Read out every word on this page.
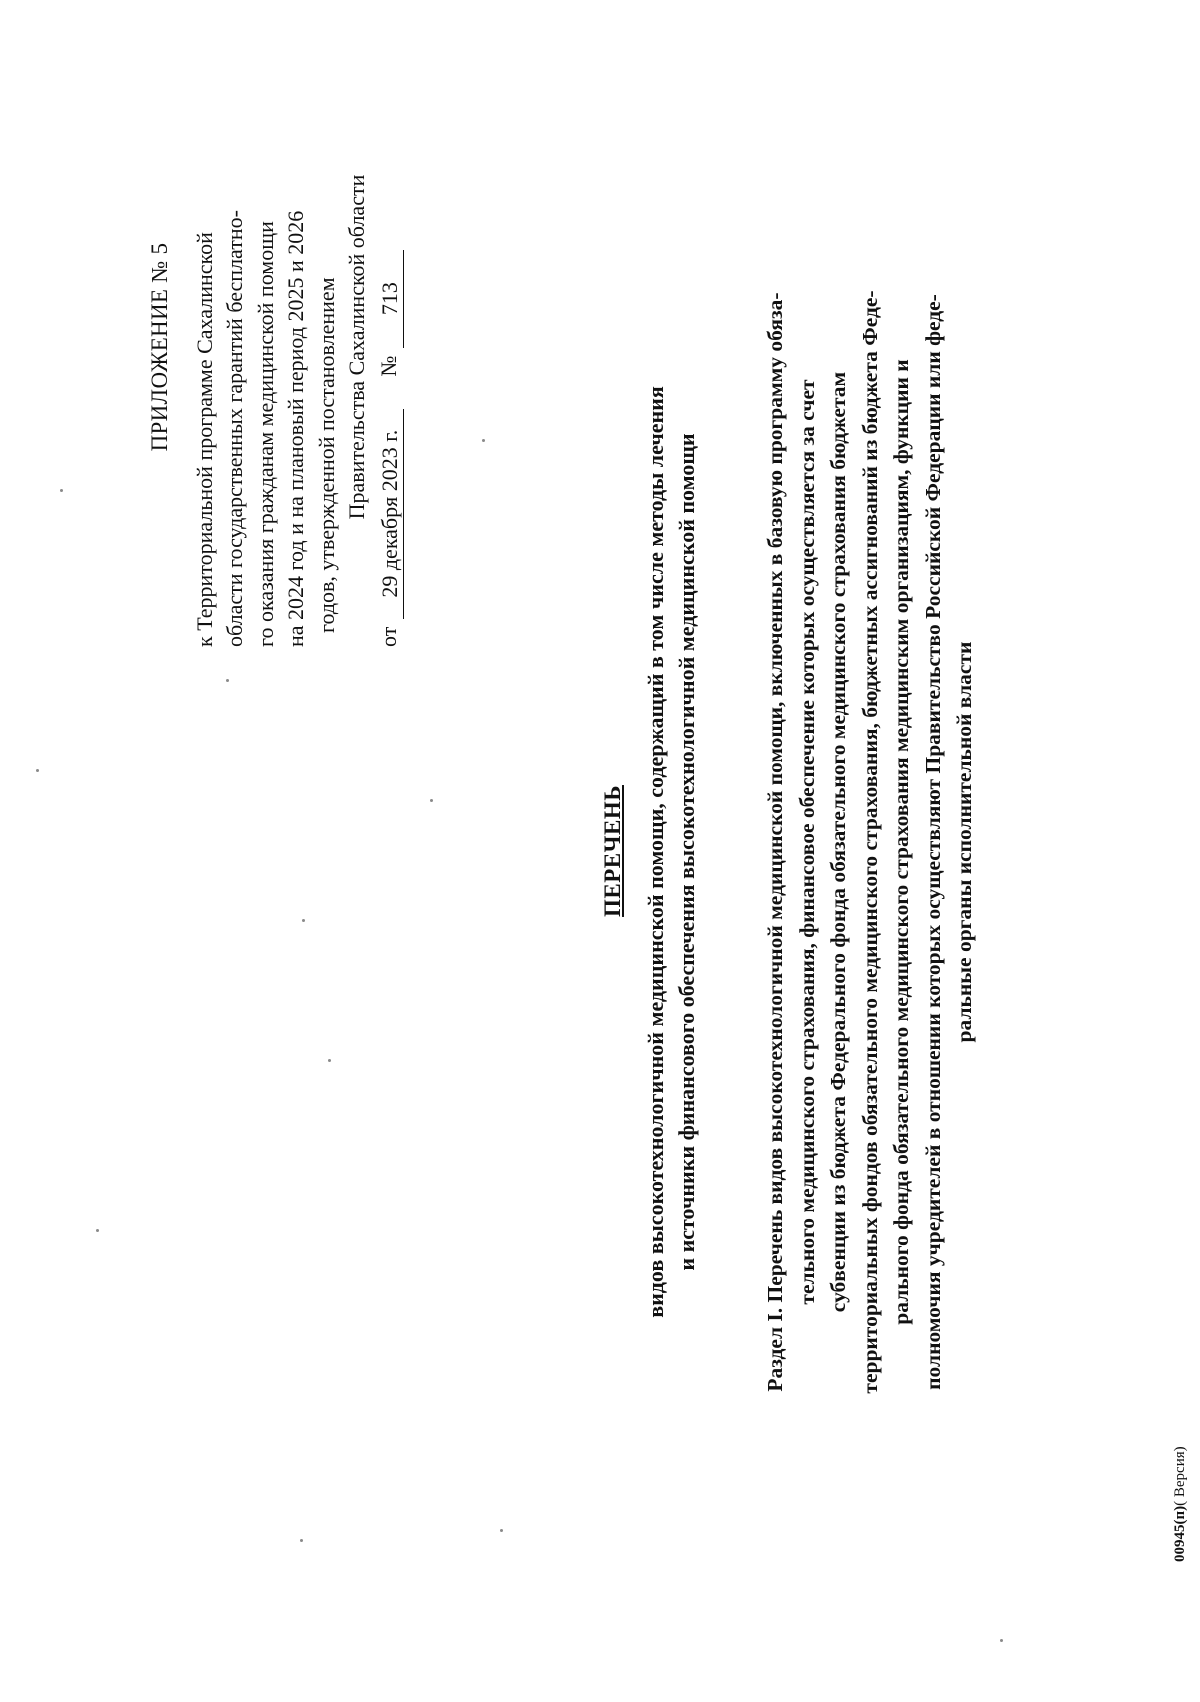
ПРИЛОЖЕНИЕ № 5 к Территориальной программе Сахалинской области государственных гарантий бесплатно- го оказания гражданам медицинской помощи на 2024 год и на плановый период 2025 и 2026 годов, утвержденной постановлением Правительства Сахалинской области
от
29 декабря 2023 г.
№
713
ПЕРЕЧЕНЬ видов высокотехнологичной медицинской помощи, содержащий в том числе методы лечения и источники финансового обеспечения высокотехнологичной медицинской помощи	Раздел I. Перечень видов высокотехнологичной медицинской помощи, включенных в базовую программу обяза- тельного медицинского страхования, финансовое обеспечение которых осуществляется за счет субвенции из бюджета Федерального фонда обязательного медицинского страхования бюджетам территориальных фондов обязательного медицинского страхования, бюджетных ассигнований из бюджета Феде- рального фонда обязательного медицинского страхования медицинским организациям, функции и полномочия учредителей в отношении которых осуществляют Правительство Российской Федерации или феде- ральные органы исполнительной власти
00945(п)( Версия)
